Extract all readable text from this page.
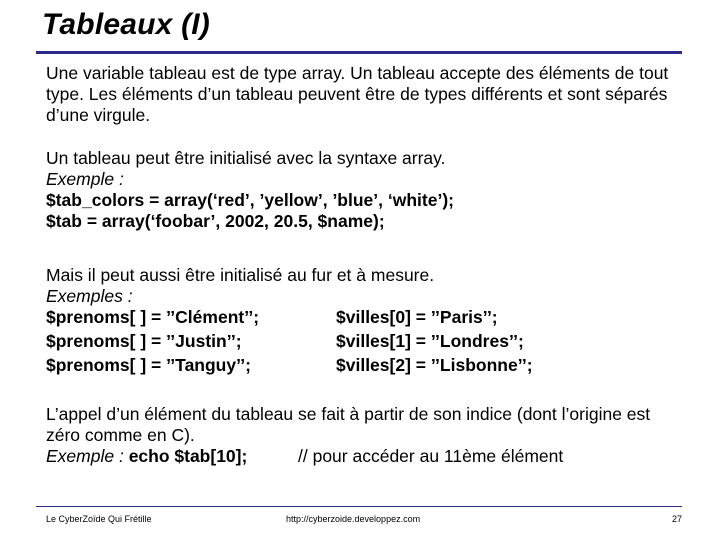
Tableaux (I)
Une variable tableau est de type array. Un tableau accepte des éléments de tout type. Les éléments d’un tableau peuvent être de types différents et sont séparés d’une virgule.
Un tableau peut être initialisé avec la syntaxe array.
Exemple :
$tab_colors = array(‘red’, ’yellow’, ’blue’, ‘white’);
$tab = array(‘foobar’, 2002, 20.5, $name);
Mais il peut aussi être initialisé au fur et à mesure.
Exemples :
$prenoms[ ] = ’’Clément’’;	$villes[0] = ’’Paris’’;
$prenoms[ ] = ’’Justin’’;	$villes[1] = ’’Londres’’;
$prenoms[ ] = ’’Tanguy’’;	$villes[2] = ’’Lisbonne’’;
L’appel d’un élément du tableau se fait à partir de son indice (dont l’origine est zéro comme en C).
Exemple : echo $tab[10];	// pour accéder au 11ème élément
Le CyberZoïde Qui Frétille	http://cyberzoide.developpez.com	27
